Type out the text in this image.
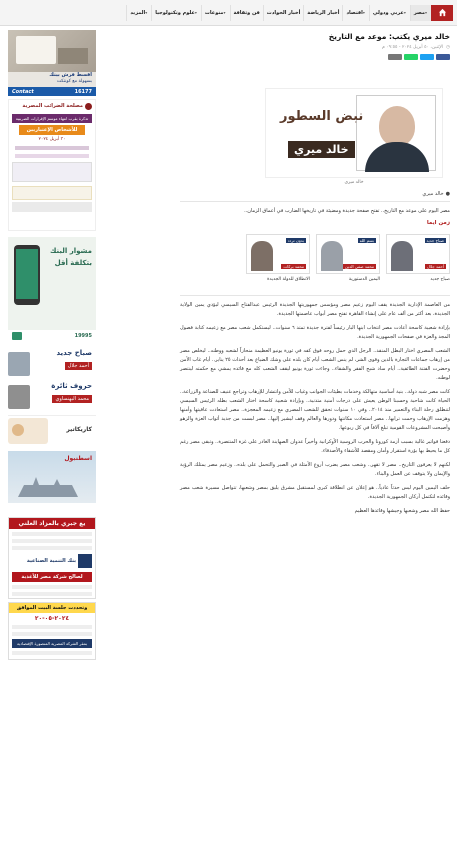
مصر ▾
عربي ودولي ▾
اقتصاد ▾
أخبار الرياضة
أخبار الحوادث
فن وثقافة
منوعات ▾
علوم وتكنولوجيا ▾
المزيد ▾
اقسط فرش بيتك
بسهولة مع كونتكت
Contact	16177
مصلحة الضرائب المصرية
تذكرة بقرب انتهاء موسم الإقرارات الضريبية
للأشخاص الإعتباريين
٣٠ أبريل ٢٠٢٤
مشوار البنك
بتكلفة أقل
19995
صباح جديد
أحمد جلال
حروف ثائرة
محمد البهنساوي
كاريكاتير
اسطنبول
يع جبري بالمزاد العلني
بنك التنمية الصناعية
لصالح شركة مصر للأغذية
وتحددت جلسة البيت الموافق
٢٠٢٤-٠٥-٢٠
بمقر الشركة المصرية المنصورة الإقتصادية
خالد ميري يكتب: موعد مع التاريخ
◷
الإثنين، ٥٠ أبريل ٢٠٢٤ - ٠٩:٥٥ م
نبض السطور
خالد ميري
خالد ميري
●
خالد ميري

مصر اليوم على موعد مع التاريخ.. تفتح صفحة جديدة ومضيئة في تاريخها الضارب في أعماق الزمان..

زمن ايما
صباح جديد
أحمد جلال
صباح جديد
بسم الله
محمد صفي الدين
اليمين الدستورية
بدون تردد
محمد بركات
الانطلاق للدولة الجديدة

من العاصمة الإدارية الجديدة يقف اليوم زعيم مصر ومؤسس جمهوريتها الجديدة الرئيس عبدالفتاح السيسي ليؤدي يمين الولاية الجديدة، بعد أكثر من ألف عام على إنشاء القاهرة تفتح مصر أبواب عاصمتها الجديدة.

بإرادة شعبية كاسحة أعادت مصر انتخاب ابنها البار رئيساً لفترة جديدة تمتد ٦ سنوات.. ليستكمل شعب مصر مع زعيمه كتابة فصول المجد والعزة في صفحات الجمهورية الجديدة.

الشعب المصري اختار البطل المنقذ.. الرجل الذي حمل روحه فوق كفه في ثورة يونيو العظيمة منحازاً لشعبه ووطنه.. ليخلص مصر من إرهاب جماعات التجارة بالدين وقوى الشر، لم ينس الشعب أيام كان بلده على وشك الضياع بعد أحداث ٢٥ يناير.. أيام غاب الأمن وحضرت الفتنة الطائفية.. أيام ساد شبح الفقر والشقاء.. وجاءت ثورة يونيو ليقف الشعب كله مع قائده يمشي مع حكمته لينتصر لوطنه.

كانت مصر شبه دولة.. بنية أساسية متهالكة وخدمات بطيئات الجوانب وغياب للأمن وانتشار للإرهاب وتراجع عنيف للصناعة والزراعة.. الحياة كانت شاحبة وحسبنا الوطن يعيش على درجات أمنية متدنية.. وبإرادة شعبية كاسحة اختار الشعب بطله الرئيس السيسي لتنطلق رحلة البناء والتعمير منذ ٢٠١٤.. وفي ١٠ سنوات تحقق للشعب المصري مع زعيمه المعجزة.. مصر استعادت عافيتها وأمنها وهزمت الإرهاب وحمت ترابها.. مصر استعادت مكانتها ودورها والعالم وقف ليشير إليها.. مصر لبست من جديد أثواب العزة والزهو وأصبحت المشروعات القومية تبلغ آلافاً في كل ربوعها.

دفعنا فواتير غالية بسبب أزمة كورونا والحرب الروسية الأوكرانية وأخيراً عدوان الصهاينة الغادر على غزة المنتصرة.. وتبقى مصر رغم كل ما يحيط بها بؤرة استقرار وأمان ومقصد للأشقاء والأصدقاء.

لكنهم لا يعرفون التاريخ.. مصر لا تقهر.. وشعب مصر يضرب أروع الأمثلة في الصبر والتحمل على بلده.. وزعيم مصر يمتلك الرؤية والإيمان ولا يتوقف عن العمل والبناء.

حلف اليمين اليوم ليس حدثاً عادياً.. هو إعلان عن انطلاقة كبرى لمستقبل مشرق يليق بمصر وشعبها، تتواصل مسيرة شعب مصر وقائده لتكتمل أركان الجمهورية الجديدة.

حفظ الله مصر وشعبها وجيشها وقائدها العظيم
